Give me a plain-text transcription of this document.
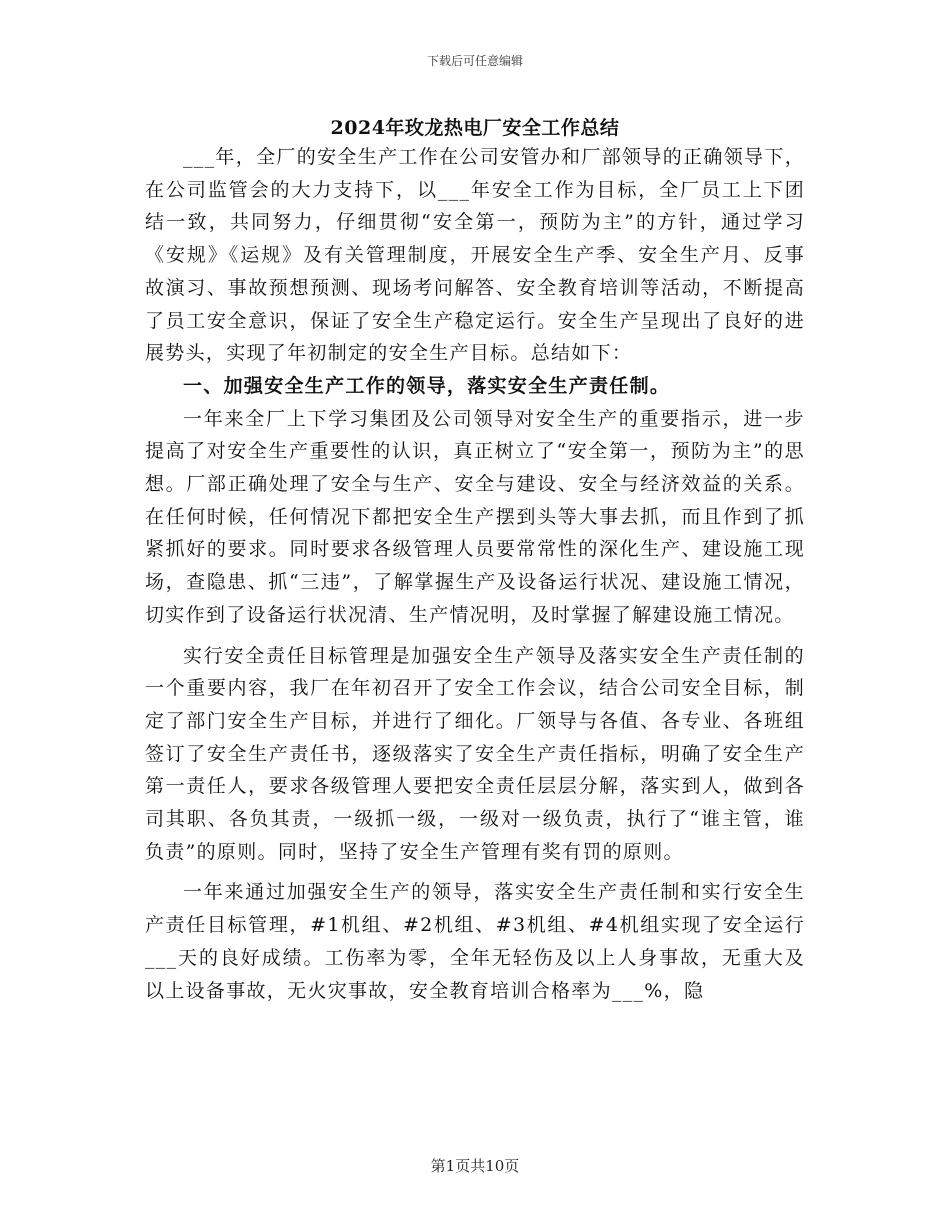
下载后可任意编辑
2024年玫龙热电厂安全工作总结

___年，全厂的安全生产工作在公司安管办和厂部领导的正确领导下，在公司监管会的大力支持下，以___年安全工作为目标，全厂员工上下团结一致，共同努力，仔细贯彻“安全第一，预防为主”的方针，通过学习《安规》《运规》及有关管理制度，开展安全生产季、安全生产月、反事故演习、事故预想预测、现场考问解答、安全教育培训等活动，不断提高了员工安全意识，保证了安全生产稳定运行。安全生产呈现出了良好的进展势头，实现了年初制定的安全生产目标。总结如下：

一、加强安全生产工作的领导，落实安全生产责任制。

一年来全厂上下学习集团及公司领导对安全生产的重要指示，进一步提高了对安全生产重要性的认识，真正树立了“安全第一，预防为主”的思想。厂部正确处理了安全与生产、安全与建设、安全与经济效益的关系。在任何时候，任何情况下都把安全生产摆到头等大事去抓，而且作到了抓紧抓好的要求。同时要求各级管理人员要常常性的深化生产、建设施工现场，查隐患、抓“三违”，了解掌握生产及设备运行状况、建设施工情况，切实作到了设备运行状况清、生产情况明，及时掌握了解建设施工情况。

实行安全责任目标管理是加强安全生产领导及落实安全生产责任制的一个重要内容，我厂在年初召开了安全工作会议，结合公司安全目标，制定了部门安全生产目标，并进行了细化。厂领导与各值、各专业、各班组签订了安全生产责任书，逐级落实了安全生产责任指标，明确了安全生产第一责任人，要求各级管理人要把安全责任层层分解，落实到人，做到各司其职、各负其责，一级抓一级，一级对一级负责，执行了“谁主管，谁负责”的原则。同时，坚持了安全生产管理有奖有罚的原则。

一年来通过加强安全生产的领导，落实安全生产责任制和实行安全生产责任目标管理，#1机组、#2机组、#3机组、#4机组实现了安全运行___天的良好成绩。工伤率为零，全年无轻伤及以上人身事故，无重大及以上设备事故，无火灾事故，安全教育培训合格率为___%，隐

第1页共10页
